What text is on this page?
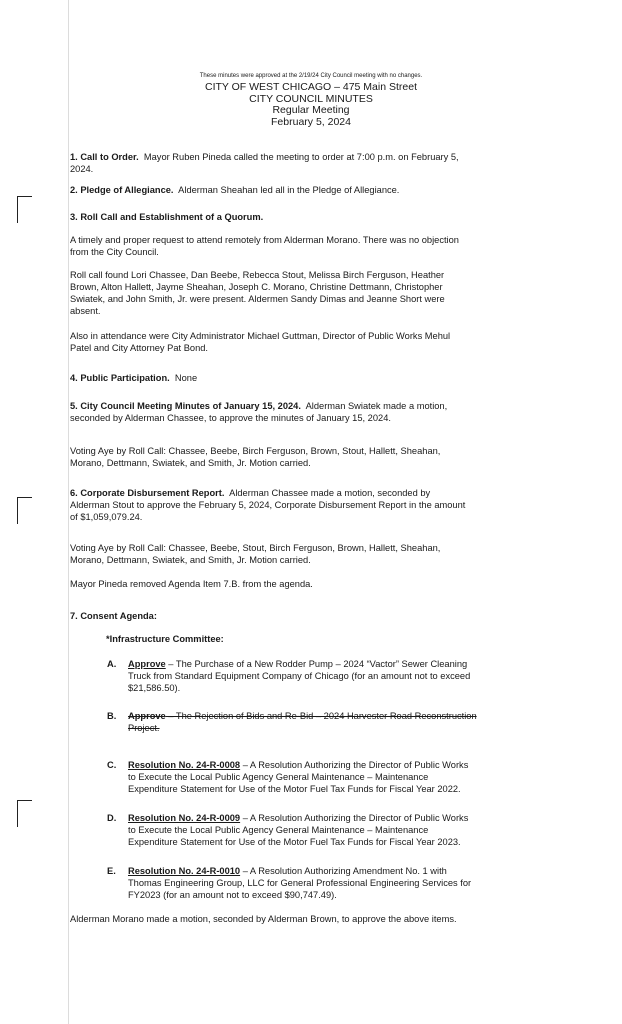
These minutes were approved at the 2/19/24 City Council meeting with no changes.
CITY OF WEST CHICAGO – 475 Main Street
CITY COUNCIL MINUTES
Regular Meeting
February 5, 2024
1. Call to Order. Mayor Ruben Pineda called the meeting to order at 7:00 p.m. on February 5,
2024.
2. Pledge of Allegiance. Alderman Sheahan led all in the Pledge of Allegiance.
3. Roll Call and Establishment of a Quorum.
A timely and proper request to attend remotely from Alderman Morano. There was no objection
from the City Council.
Roll call found Lori Chassee, Dan Beebe, Rebecca Stout, Melissa Birch Ferguson, Heather
Brown, Alton Hallett, Jayme Sheahan, Joseph C. Morano, Christine Dettmann, Christopher
Swiatek, and John Smith, Jr. were present. Aldermen Sandy Dimas and Jeanne Short were
absent.
Also in attendance were City Administrator Michael Guttman, Director of Public Works Mehul
Patel and City Attorney Pat Bond.
4. Public Participation. None
5. City Council Meeting Minutes of January 15, 2024. Alderman Swiatek made a motion,
seconded by Alderman Chassee, to approve the minutes of January 15, 2024.
Voting Aye by Roll Call: Chassee, Beebe, Birch Ferguson, Brown, Stout, Hallett, Sheahan,
Morano, Dettmann, Swiatek, and Smith, Jr. Motion carried.
6. Corporate Disbursement Report. Alderman Chassee made a motion, seconded by
Alderman Stout to approve the February 5, 2024, Corporate Disbursement Report in the amount
of $1,059,079.24.
Voting Aye by Roll Call: Chassee, Beebe, Stout, Birch Ferguson, Brown, Hallett, Sheahan,
Morano, Dettmann, Swiatek, and Smith, Jr. Motion carried.
Mayor Pineda removed Agenda Item 7.B. from the agenda.
7. Consent Agenda:
*Infrastructure Committee:
A. Approve – The Purchase of a New Rodder Pump – 2024 “Vactor” Sewer Cleaning
Truck from Standard Equipment Company of Chicago (for an amount not to exceed
$21,586.50).
B. Approve – The Rejection of Bids and Re-Bid – 2024 Harvester Road Reconstruction
Project.
C. Resolution No. 24-R-0008 – A Resolution Authorizing the Director of Public Works
to Execute the Local Public Agency General Maintenance – Maintenance
Expenditure Statement for Use of the Motor Fuel Tax Funds for Fiscal Year 2022.
D. Resolution No. 24-R-0009 – A Resolution Authorizing the Director of Public Works
to Execute the Local Public Agency General Maintenance – Maintenance
Expenditure Statement for Use of the Motor Fuel Tax Funds for Fiscal Year 2023.
E. Resolution No. 24-R-0010 – A Resolution Authorizing Amendment No. 1 with
Thomas Engineering Group, LLC for General Professional Engineering Services for
FY2023 (for an amount not to exceed $90,747.49).
Alderman Morano made a motion, seconded by Alderman Brown, to approve the above items.
